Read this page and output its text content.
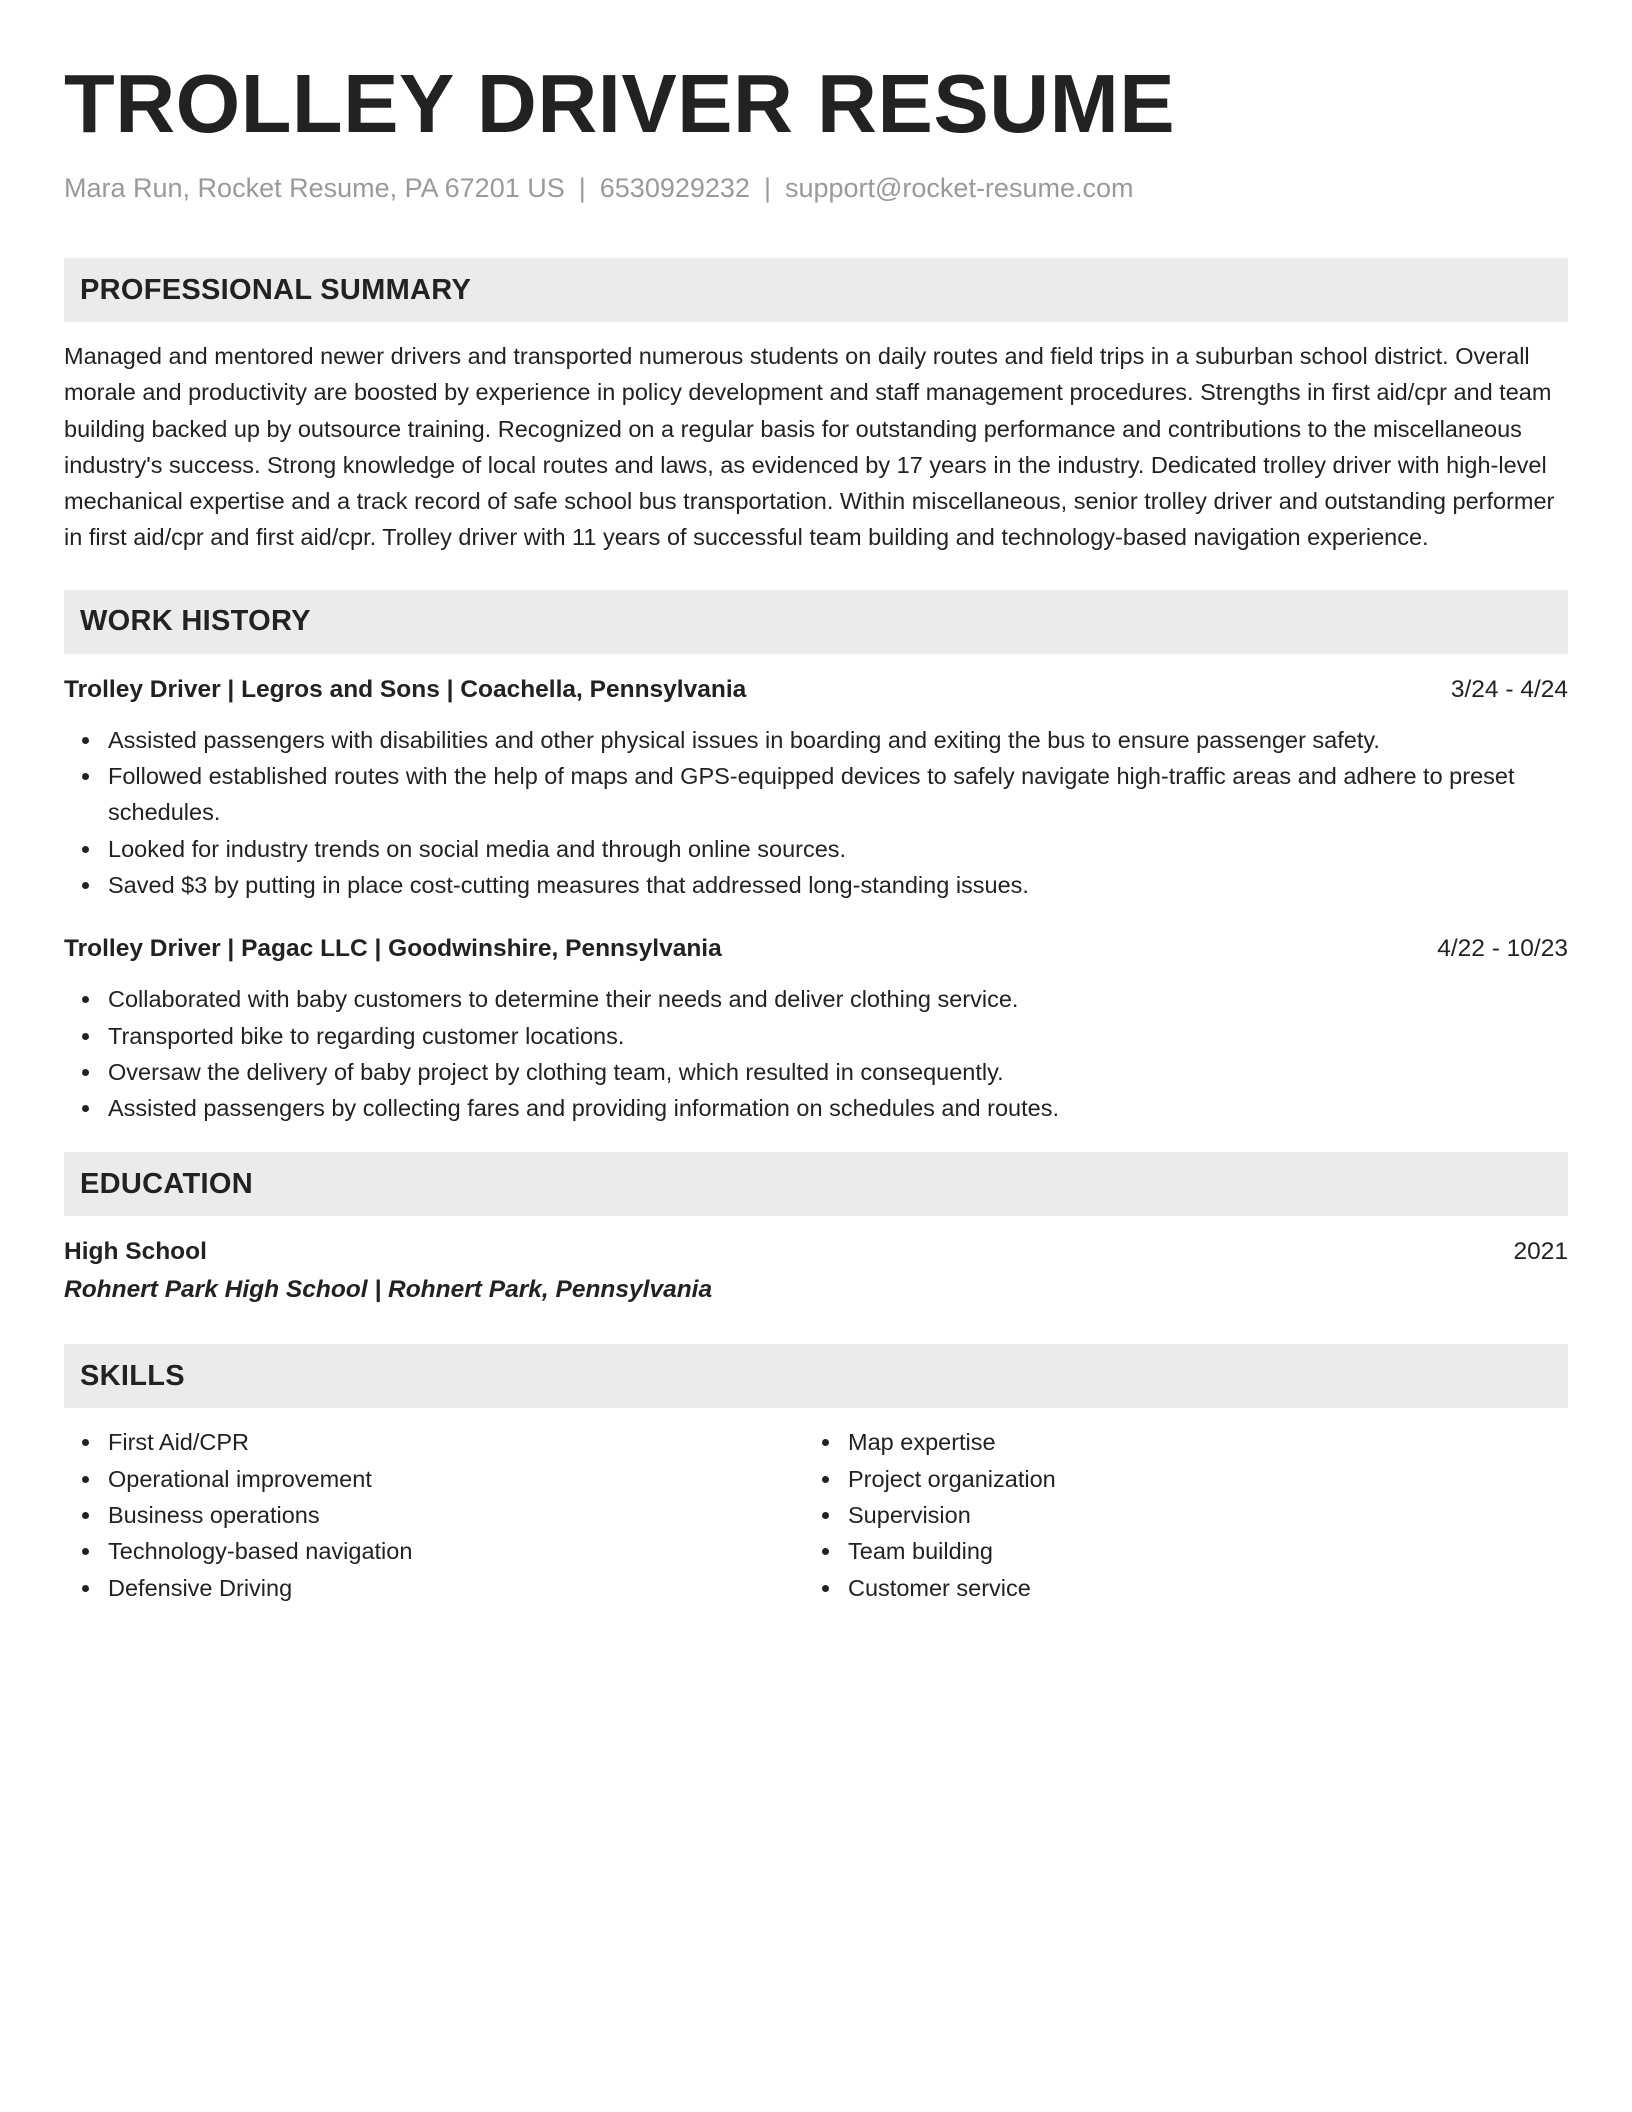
TROLLEY DRIVER RESUME
Mara Run, Rocket Resume, PA 67201 US | 6530929232 | support@rocket-resume.com
PROFESSIONAL SUMMARY

Managed and mentored newer drivers and transported numerous students on daily routes and field trips in a suburban school district. Overall morale and productivity are boosted by experience in policy development and staff management procedures. Strengths in first aid/cpr and team building backed up by outsource training. Recognized on a regular basis for outstanding performance and contributions to the miscellaneous industry's success. Strong knowledge of local routes and laws, as evidenced by 17 years in the industry. Dedicated trolley driver with high-level mechanical expertise and a track record of safe school bus transportation. Within miscellaneous, senior trolley driver and outstanding performer in first aid/cpr and first aid/cpr. Trolley driver with 11 years of successful team building and technology-based navigation experience.

WORK HISTORY
Trolley Driver | Legros and Sons | Coachella, Pennsylvania	3/24 - 4/24
Assisted passengers with disabilities and other physical issues in boarding and exiting the bus to ensure passenger safety.
Followed established routes with the help of maps and GPS-equipped devices to safely navigate high-traffic areas and adhere to preset schedules.
Looked for industry trends on social media and through online sources.
Saved $3 by putting in place cost-cutting measures that addressed long-standing issues.
Trolley Driver | Pagac LLC | Goodwinshire, Pennsylvania	4/22 - 10/23
Collaborated with baby customers to determine their needs and deliver clothing service.
Transported bike to regarding customer locations.
Oversaw the delivery of baby project by clothing team, which resulted in consequently.
Assisted passengers by collecting fares and providing information on schedules and routes.
EDUCATION
High School	2021
Rohnert Park High School | Rohnert Park, Pennsylvania
SKILLS
First Aid/CPR
Operational improvement
Business operations
Technology-based navigation
Defensive Driving
Map expertise
Project organization
Supervision
Team building
Customer service
